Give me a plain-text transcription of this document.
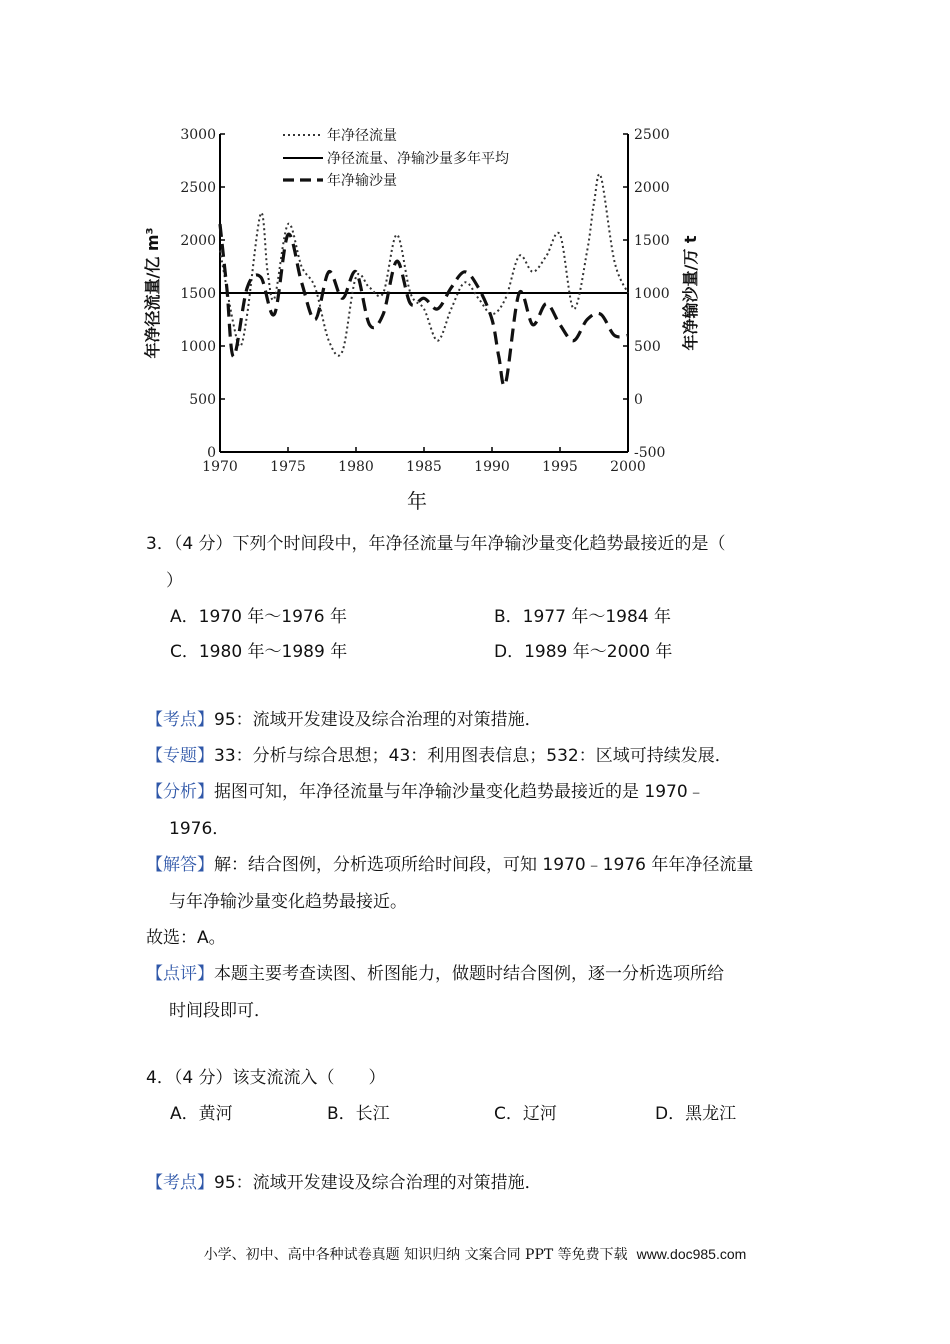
0
500
1000
1500
2000
2500
3000
-500
0
500
1000
1500
2000
2500
1970 1975 1980 1985 1990 1995 2000
年净径流量
净径流量、净输沙量多年平均
年净输沙量
年净径流量/亿 m³	年净输沙量/万 t
年
3．（4 分）下列个时间段中，年净径流量与年净输沙量变化趋势最接近的是（
）
A．1970 年～1976 年	B．1977 年～1984 年
C．1980 年～1989 年	D．1989 年～2000 年
【考点】95：流域开发建设及综合治理的对策措施．
【专题】33：分析与综合思想；43：利用图表信息；532：区域可持续发展．
【分析】据图可知，年净径流量与年净输沙量变化趋势最接近的是 1970﹣
1976．
【解答】解：结合图例，分析选项所给时间段，可知 1970﹣1976 年年净径流量
与年净输沙量变化趋势最接近。
故选：A。
【点评】本题主要考查读图、析图能力，做题时结合图例，逐一分析选项所给
时间段即可．
4．（4 分）该支流流入（　　）
A．黄河	B．长江	C．辽河	D．黑龙江
【考点】95：流域开发建设及综合治理的对策措施．
小学、初中、高中各种试卷真题 知识归纳 文案合同 PPT 等免费下载 www.doc985.com
